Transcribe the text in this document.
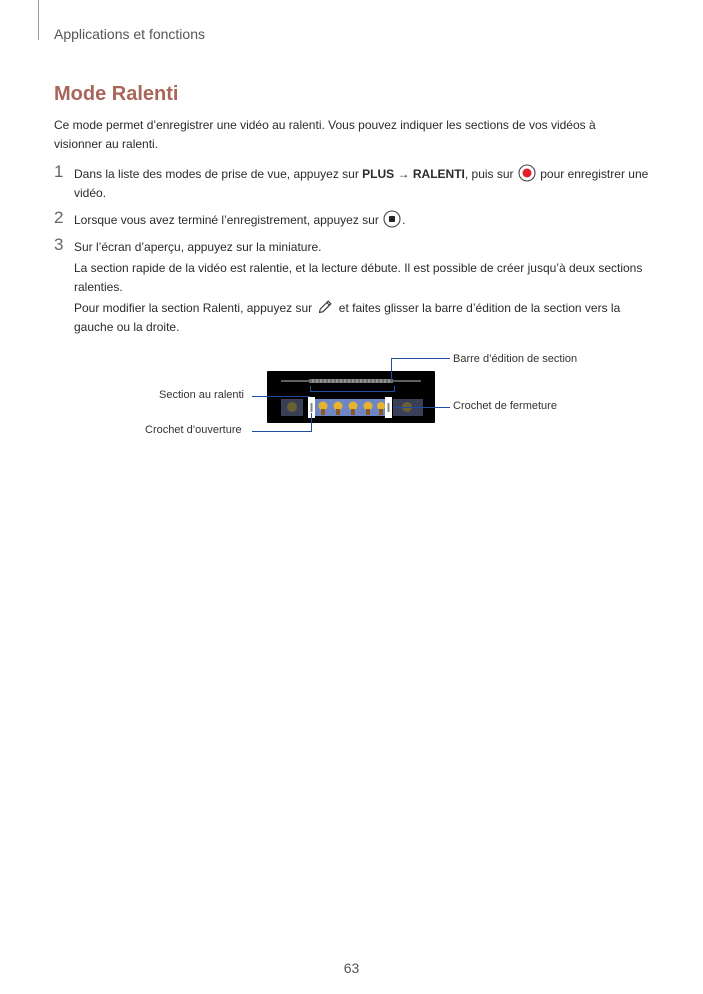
Applications et fonctions
Mode Ralenti
Ce mode permet d’enregistrer une vidéo au ralenti. Vous pouvez indiquer les sections de vos vidéos à visionner au ralenti.
1 Dans la liste des modes de prise de vue, appuyez sur PLUS → RALENTI, puis sur  pour enregistrer une vidéo.

2 Lorsque vous avez terminé l’enregistrement, appuyez sur .

3 Sur l’écran d’aperçu, appuyez sur la miniature.

La section rapide de la vidéo est ralentie, et la lecture débute. Il est possible de créer jusqu’à deux sections ralenties.

Pour modifier la section Ralenti, appuyez sur  et faites glisser la barre d’édition de la section vers la gauche ou la droite.

Barre d’édition de section
Section au ralenti
Crochet de fermeture
Crochet d’ouverture
63
